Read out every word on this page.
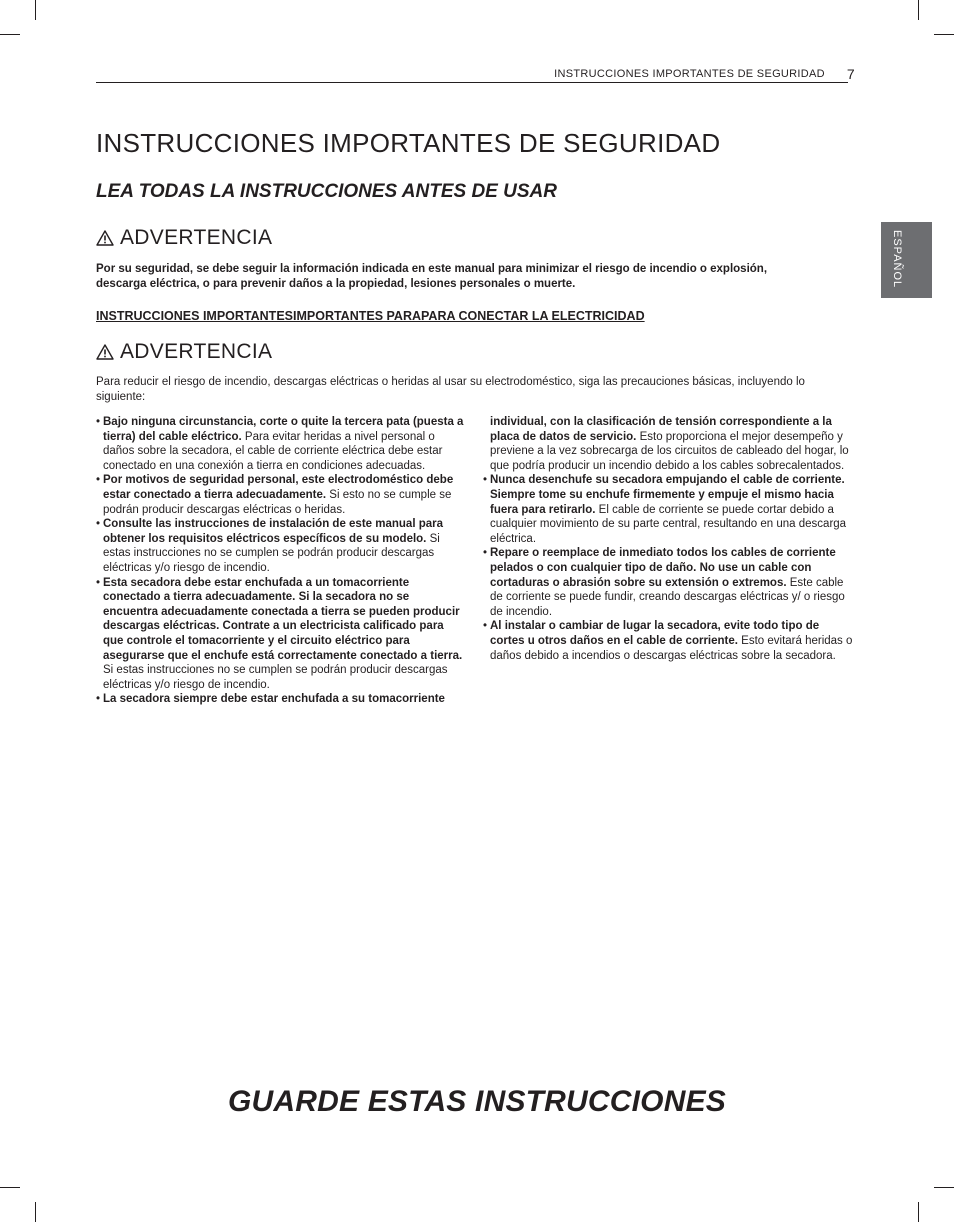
INSTRUCCIONES IMPORTANTES DE SEGURIDAD 7
ESPAÑOL
INSTRUCCIONES IMPORTANTES DE SEGURIDAD
LEA TODAS LA INSTRUCCIONES ANTES DE USAR
ADVERTENCIA
Por su seguridad, se debe seguir la información indicada en este manual para minimizar el riesgo de incendio o explosión, descarga eléctrica, o para prevenir daños a la propiedad, lesiones personales o muerte.
INSTRUCCIONES IMPORTANTESIMPORTANTES PARAPARA CONECTAR LA ELECTRICIDAD
ADVERTENCIA
Para reducir el riesgo de incendio, descargas eléctricas o heridas al usar su electrodoméstico, siga las precauciones básicas, incluyendo lo siguiente:
• Bajo ninguna circunstancia, corte o quite la tercera pata (puesta a tierra) del cable eléctrico. Para evitar heridas a nivel personal o daños sobre la secadora, el cable de corriente eléctrica debe estar conectado en una conexión a tierra en condiciones adecuadas.
• Por motivos de seguridad personal, este electrodoméstico debe estar conectado a tierra adecuadamente. Si esto no se cumple se podrán producir descargas eléctricas o heridas.
• Consulte las instrucciones de instalación de este manual para obtener los requisitos eléctricos específicos de su modelo. Si estas instrucciones no se cumplen se podrán producir descargas eléctricas y/o riesgo de incendio.
• Esta secadora debe estar enchufada a un tomacorriente conectado a tierra adecuadamente. Si la secadora no se encuentra adecuadamente conectada a tierra se pueden producir descargas eléctricas. Contrate a un electricista calificado para que controle el tomacorriente y el circuito eléctrico para asegurarse que el enchufe está correctamente conectado a tierra. Si estas instrucciones no se cumplen se podrán producir descargas eléctricas y/o riesgo de incendio.
• La secadora siempre debe estar enchufada a su tomacorriente
individual, con la clasificación de tensión correspondiente a la placa de datos de servicio. Esto proporciona el mejor desempeño y previene a la vez sobrecarga de los circuitos de cableado del hogar, lo que podría producir un incendio debido a los cables sobrecalentados.
• Nunca desenchufe su secadora empujando el cable de corriente. Siempre tome su enchufe firmemente y empuje el mismo hacia fuera para retirarlo. El cable de corriente se puede cortar debido a cualquier movimiento de su parte central, resultando en una descarga eléctrica.
• Repare o reemplace de inmediato todos los cables de corriente pelados o con cualquier tipo de daño. No use un cable con cortaduras o abrasión sobre su extensión o extremos. Este cable de corriente se puede fundir, creando descargas eléctricas y/ o riesgo de incendio.
• Al instalar o cambiar de lugar la secadora, evite todo tipo de cortes u otros daños en el cable de corriente. Esto evitará heridas o daños debido a incendios o descargas eléctricas sobre la secadora.
GUARDE ESTAS INSTRUCCIONES
